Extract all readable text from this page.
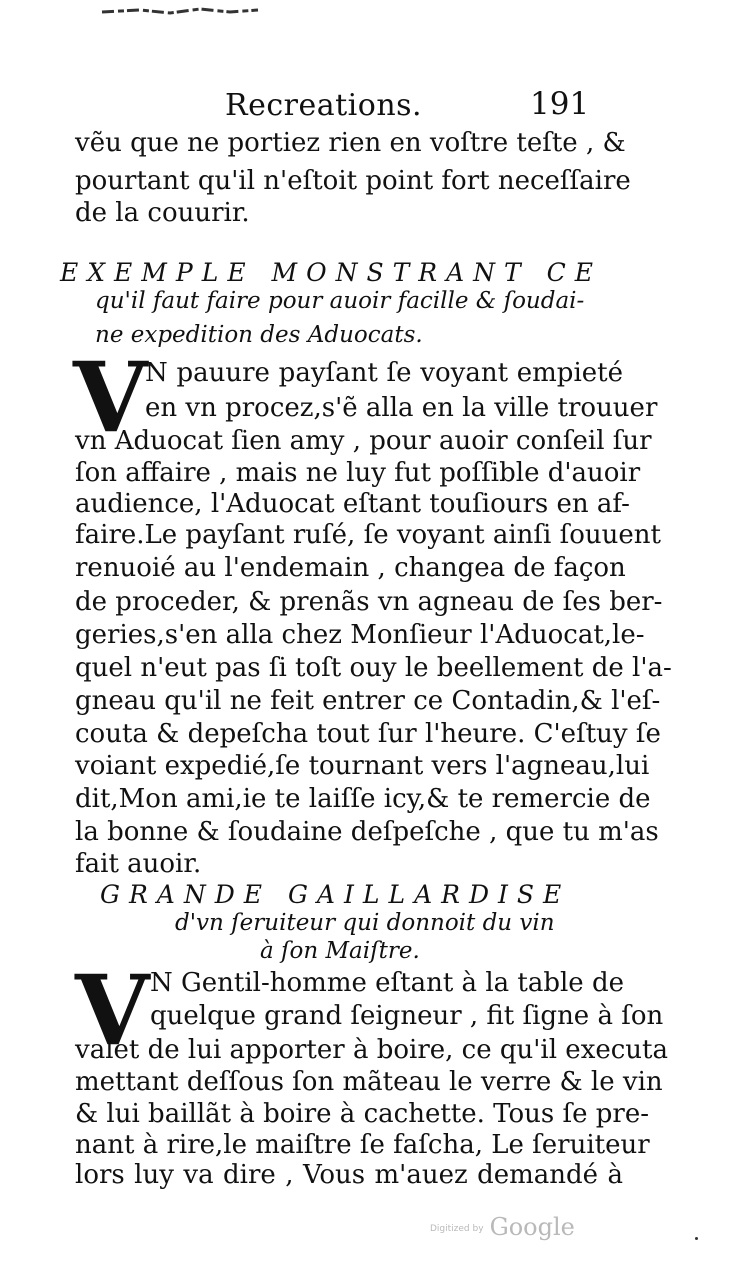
Recreations.	191
vẽu que ne portiez rien en voſtre teſte , &
pourtant qu'il n'eſtoit point fort neceſſaire
de la couurir.
EXEMPLE MONSTRANT CE
qu'il faut faire pour auoir facille & ſoudai-
ne expedition des Aduocats.
V N pauure payſant ſe voyant empieté
en vn procez,s'ẽ alla en la ville trouuer
vn Aduocat ſien amy , pour auoir conſeil ſur
ſon affaire , mais ne luy fut poſſible d'auoir
audience, l'Aduocat eſtant touſiours en af-
faire.Le payſant ruſé, ſe voyant ainſi ſouuent
renuoié au l'endemain , changea de façon
de proceder, & prenãs vn agneau de ſes ber-
geries,s'en alla chez Monſieur l'Aduocat,le-
quel n'eut pas ſi toſt ouy le beellement de l'a-
gneau qu'il ne feit entrer ce Contadin,& l'eſ-
couta & depeſcha tout ſur l'heure. C'eſtuy ſe
voiant expedié,ſe tournant vers l'agneau,lui
dit,Mon ami,ie te laiſſe icy,& te remercie de
la bonne & ſoudaine deſpeſche , que tu m'as
fait auoir.
GRANDE GAILLARDISE
d'vn ſeruiteur qui donnoit du vin
à ſon Maiſtre.
V N Gentil-homme eſtant à la table de
quelque grand ſeigneur , fit ſigne à ſon
valet de lui apporter à boire, ce qu'il executa
mettant deſſous ſon mãteau le verre & le vin
& lui baillãt à boire à cachette. Tous ſe pre-
nant à rire,le maiſtre ſe faſcha, Le ſeruiteur
lors luy va dire , Vous m'auez demandé à
$^{Digitized by}$ Google
